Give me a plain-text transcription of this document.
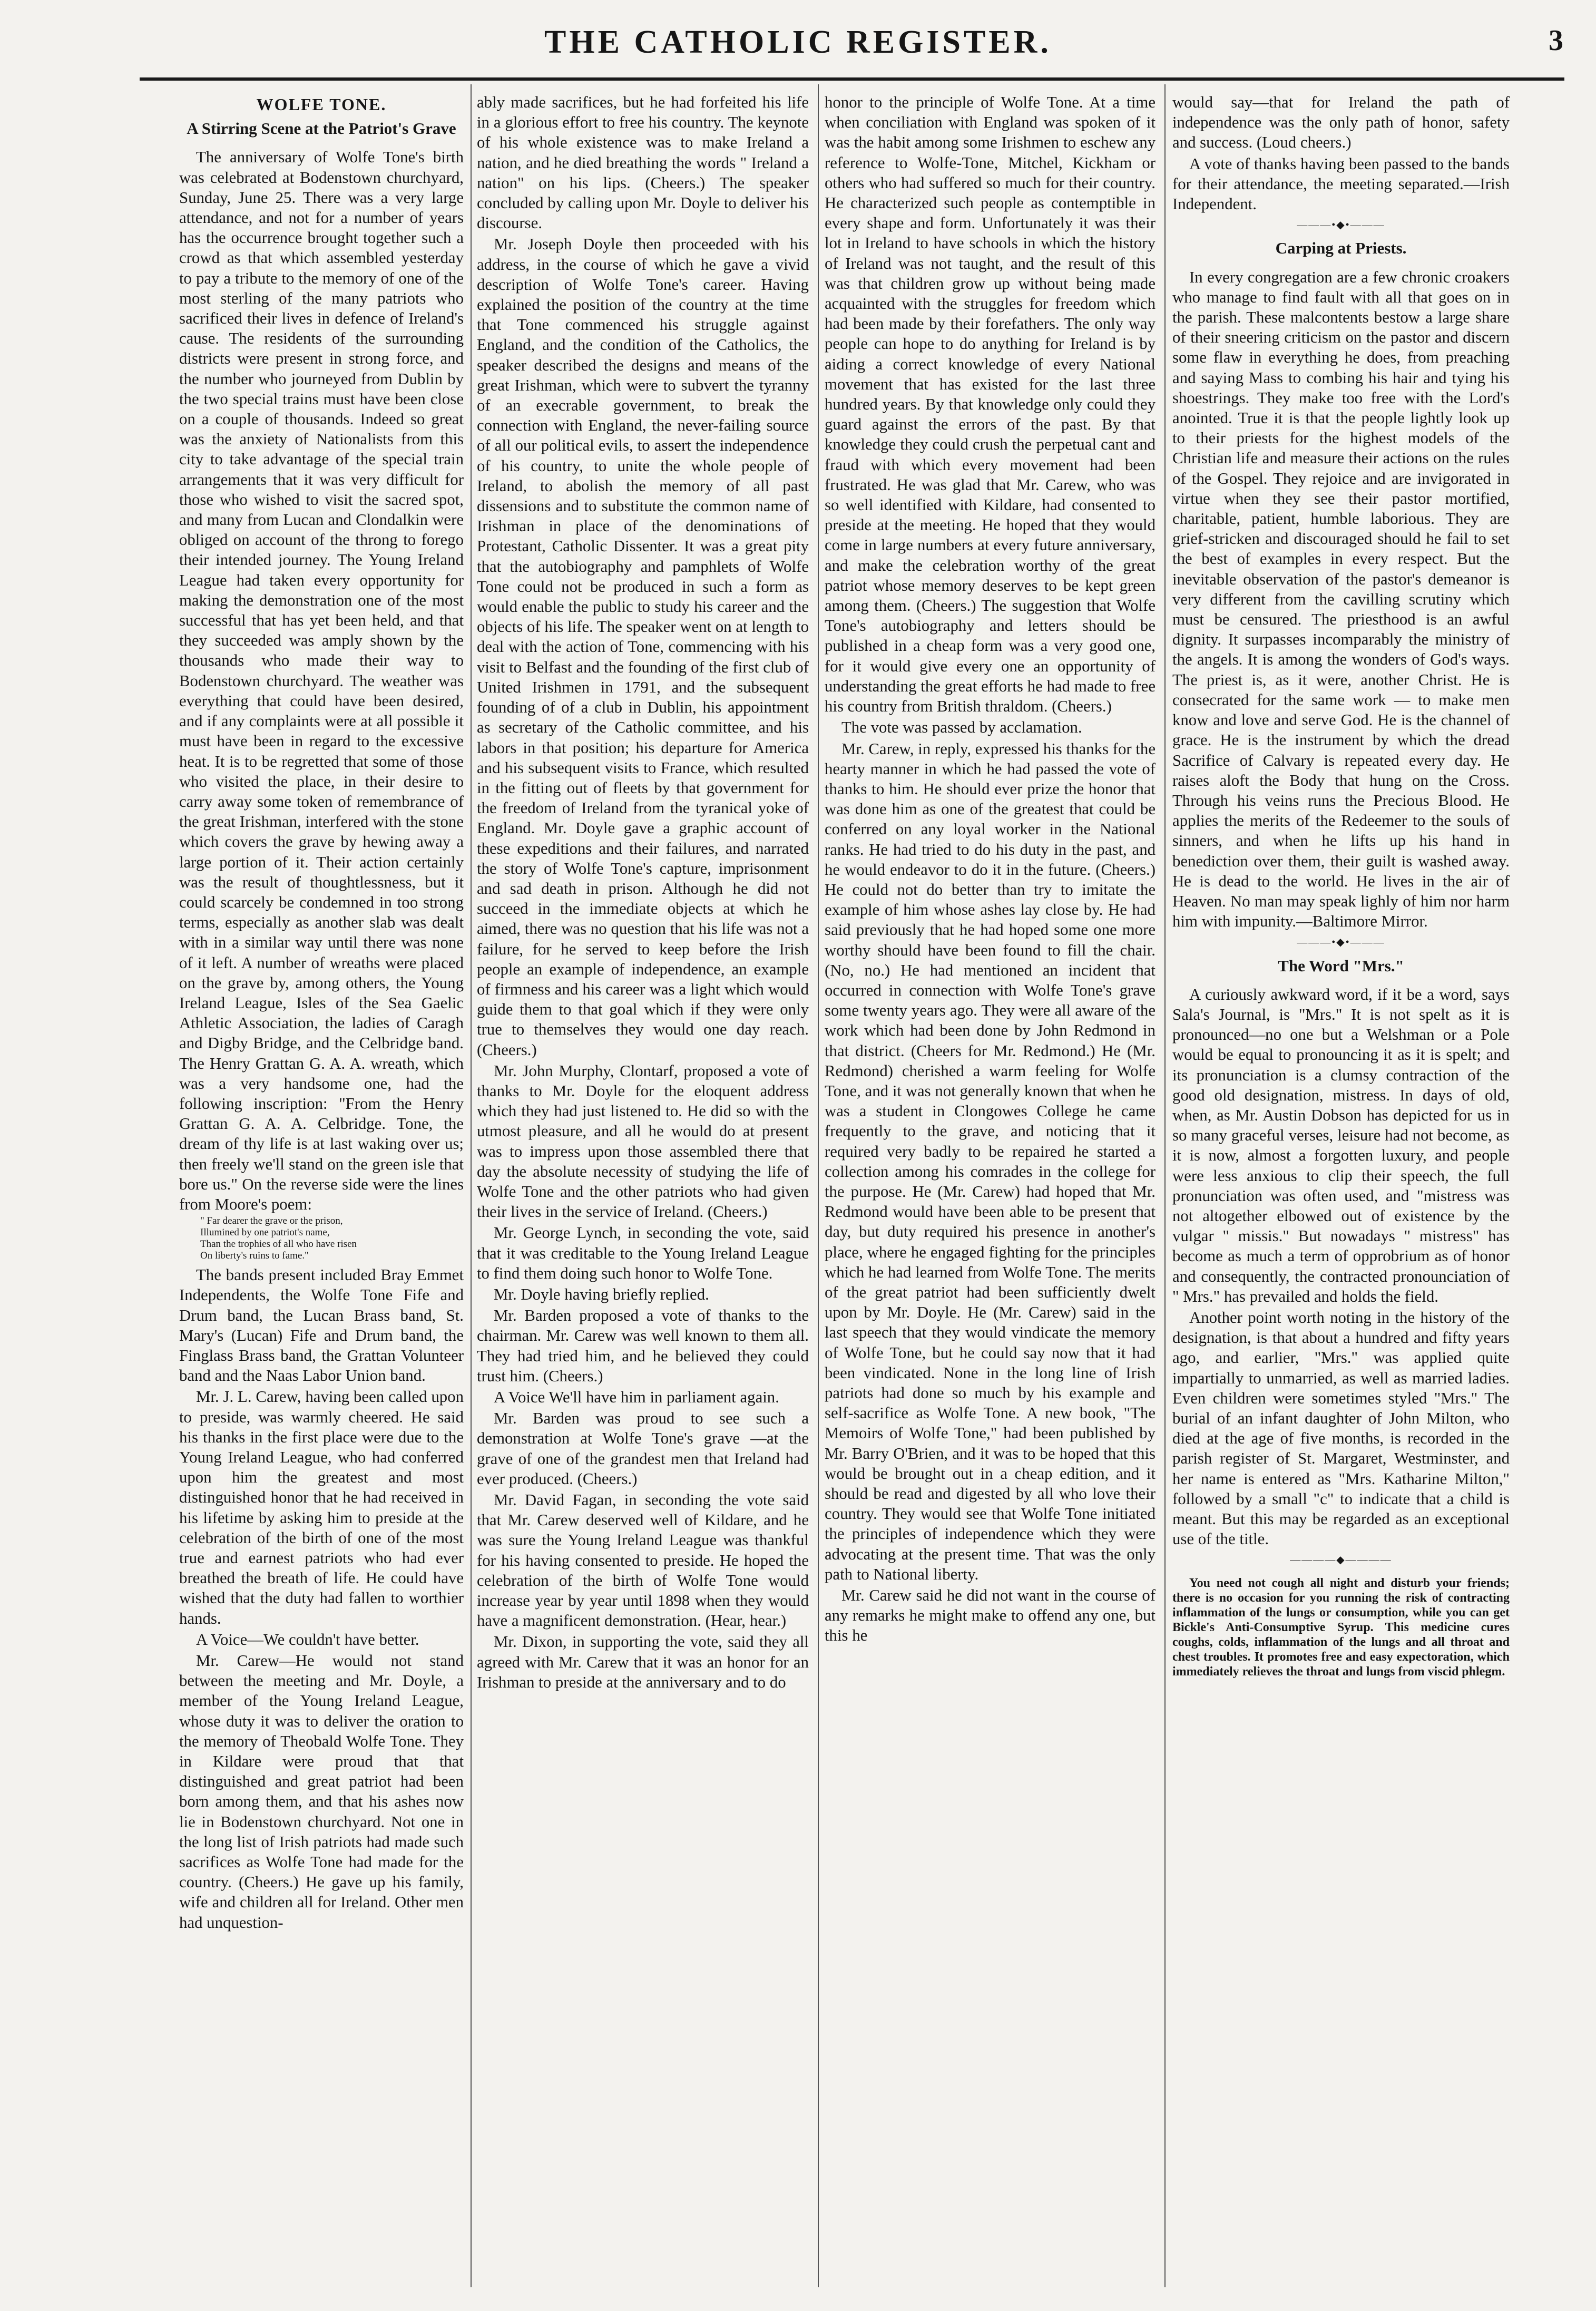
THE CATHOLIC REGISTER.	3
WOLFE TONE.
A Stirring Scene at the Patriot's Grave

The anniversary of Wolfe Tone's birth was celebrated at Bodenstown churchyard, Sunday, June 25. There was a very large attendance, and not for a number of years has the occurrence brought together such a crowd as that which assembled yesterday to pay a tribute to the memory of one of the most sterling of the many patriots who sacrificed their lives in defence of Ireland's cause. The residents of the surrounding districts were present in strong force, and the number who journeyed from Dublin by the two special trains must have been close on a couple of thousands. Indeed so great was the anxiety of Nationalists from this city to take advantage of the special train arrangements that it was very difficult for those who wished to visit the sacred spot, and many from Lucan and Clondalkin were obliged on account of the throng to forego their intended journey. The Young Ireland League had taken every opportunity for making the demonstration one of the most successful that has yet been held, and that they succeeded was amply shown by the thousands who made their way to Bodenstown churchyard. The weather was everything that could have been desired, and if any complaints were at all possible it must have been in regard to the excessive heat. It is to be regretted that some of those who visited the place, in their desire to carry away some token of remembrance of the great Irishman, interfered with the stone which covers the grave by hewing away a large portion of it. Their action certainly was the result of thoughtlessness, but it could scarcely be condemned in too strong terms, especially as another slab was dealt with in a similar way until there was none of it left. A number of wreaths were placed on the grave by, among others, the Young Ireland League, Isles of the Sea Gaelic Athletic Association, the ladies of Caragh and Digby Bridge, and the Celbridge band. The Henry Grattan G. A. A. wreath, which was a very handsome one, had the following inscription: "From the Henry Grattan G. A. A. Celbridge. Tone, the dream of thy life is at last waking over us; then freely we'll stand on the green isle that bore us." On the reverse side were the lines from Moore's poem:

" Far dearer the grave or the prison,
Illumined by one patriot's name,
Than the trophies of all who have risen
On liberty's ruins to fame."

The bands present included Bray Emmet Independents, the Wolfe Tone Fife and Drum band, the Lucan Brass band, St. Mary's (Lucan) Fife and Drum band, the Finglass Brass band, the Grattan Volunteer band and the Naas Labor Union band.

Mr. J. L. Carew, having been called upon to preside, was warmly cheered. He said his thanks in the first place were due to the Young Ireland League, who had conferred upon him the greatest and most distinguished honor that he had received in his lifetime by asking him to preside at the celebration of the birth of one of the most true and earnest patriots who had ever breathed the breath of life. He could have wished that the duty had fallen to worthier hands.

A Voice—We couldn't have better.

Mr. Carew—He would not stand between the meeting and Mr. Doyle, a member of the Young Ireland League, whose duty it was to deliver the oration to the memory of Theobald Wolfe Tone. They in Kildare were proud that that distinguished and great patriot had been born among them, and that his ashes now lie in Bodenstown churchyard. Not one in the long list of Irish patriots had made such sacrifices as Wolfe Tone had made for the country. (Cheers.) He gave up his family, wife and children all for Ireland. Other men had unquestion-

ably made sacrifices, but he had forfeited his life in a glorious effort to free his country. The keynote of his whole existence was to make Ireland a nation, and he died breathing the words " Ireland a nation" on his lips. (Cheers.) The speaker concluded by calling upon Mr. Doyle to deliver his discourse.

Mr. Joseph Doyle then proceeded with his address, in the course of which he gave a vivid description of Wolfe Tone's career. Having explained the position of the country at the time that Tone commenced his struggle against England, and the condition of the Catholics, the speaker described the designs and means of the great Irishman, which were to subvert the tyranny of an execrable government, to break the connection with England, the never-failing source of all our political evils, to assert the independence of his country, to unite the whole people of Ireland, to abolish the memory of all past dissensions and to substitute the common name of Irishman in place of the denominations of Protestant, Catholic Dissenter. It was a great pity that the autobiography and pamphlets of Wolfe Tone could not be produced in such a form as would enable the public to study his career and the objects of his life. The speaker went on at length to deal with the action of Tone, commencing with his visit to Belfast and the founding of the first club of United Irishmen in 1791, and the subsequent founding of of a club in Dublin, his appointment as secretary of the Catholic committee, and his labors in that position; his departure for America and his subsequent visits to France, which resulted in the fitting out of fleets by that government for the freedom of Ireland from the tyranical yoke of England. Mr. Doyle gave a graphic account of these expeditions and their failures, and narrated the story of Wolfe Tone's capture, imprisonment and sad death in prison. Although he did not succeed in the immediate objects at which he aimed, there was no question that his life was not a failure, for he served to keep before the Irish people an example of independence, an example of firmness and his career was a light which would guide them to that goal which if they were only true to themselves they would one day reach. (Cheers.)

Mr. John Murphy, Clontarf, proposed a vote of thanks to Mr. Doyle for the eloquent address which they had just listened to. He did so with the utmost pleasure, and all he would do at present was to impress upon those assembled there that day the absolute necessity of studying the life of Wolfe Tone and the other patriots who had given their lives in the service of Ireland. (Cheers.)

Mr. George Lynch, in seconding the vote, said that it was creditable to the Young Ireland League to find them doing such honor to Wolfe Tone.

Mr. Doyle having briefly replied.

Mr. Barden proposed a vote of thanks to the chairman. Mr. Carew was well known to them all. They had tried him, and he believed they could trust him. (Cheers.)

A Voice We'll have him in parliament again.

Mr. Barden was proud to see such a demonstration at Wolfe Tone's grave —at the grave of one of the grandest men that Ireland had ever produced. (Cheers.)

Mr. David Fagan, in seconding the vote said that Mr. Carew deserved well of Kildare, and he was sure the Young Ireland League was thankful for his having consented to preside. He hoped the celebration of the birth of Wolfe Tone would increase year by year until 1898 when they would have a magnificent demonstration. (Hear, hear.)

Mr. Dixon, in supporting the vote, said they all agreed with Mr. Carew that it was an honor for an Irishman to preside at the anniversary and to do

honor to the principle of Wolfe Tone. At a time when conciliation with England was spoken of it was the habit among some Irishmen to eschew any reference to Wolfe-Tone, Mitchel, Kickham or others who had suffered so much for their country. He characterized such people as contemptible in every shape and form. Unfortunately it was their lot in Ireland to have schools in which the history of Ireland was not taught, and the result of this was that children grow up without being made acquainted with the struggles for freedom which had been made by their forefathers. The only way people can hope to do anything for Ireland is by aiding a correct knowledge of every National movement that has existed for the last three hundred years. By that knowledge only could they guard against the errors of the past. By that knowledge they could crush the perpetual cant and fraud with which every movement had been frustrated. He was glad that Mr. Carew, who was so well identified with Kildare, had consented to preside at the meeting. He hoped that they would come in large numbers at every future anniversary, and make the celebration worthy of the great patriot whose memory deserves to be kept green among them. (Cheers.) The suggestion that Wolfe Tone's autobiography and letters should be published in a cheap form was a very good one, for it would give every one an opportunity of understanding the great efforts he had made to free his country from British thraldom. (Cheers.)

The vote was passed by acclamation.

Mr. Carew, in reply, expressed his thanks for the hearty manner in which he had passed the vote of thanks to him. He should ever prize the honor that was done him as one of the greatest that could be conferred on any loyal worker in the National ranks. He had tried to do his duty in the past, and he would endeavor to do it in the future. (Cheers.) He could not do better than try to imitate the example of him whose ashes lay close by. He had said previously that he had hoped some one more worthy should have been found to fill the chair. (No, no.) He had mentioned an incident that occurred in connection with Wolfe Tone's grave some twenty years ago. They were all aware of the work which had been done by John Redmond in that district. (Cheers for Mr. Redmond.) He (Mr. Redmond) cherished a warm feeling for Wolfe Tone, and it was not generally known that when he was a student in Clongowes College he came frequently to the grave, and noticing that it required very badly to be repaired he started a collection among his comrades in the college for the purpose. He (Mr. Carew) had hoped that Mr. Redmond would have been able to be present that day, but duty required his presence in another's place, where he engaged fighting for the principles which he had learned from Wolfe Tone. The merits of the great patriot had been sufficiently dwelt upon by Mr. Doyle. He (Mr. Carew) said in the last speech that they would vindicate the memory of Wolfe Tone, but he could say now that it had been vindicated. None in the long line of Irish patriots had done so much by his example and self-sacrifice as Wolfe Tone. A new book, "The Memoirs of Wolfe Tone," had been published by Mr. Barry O'Brien, and it was to be hoped that this would be brought out in a cheap edition, and it should be read and digested by all who love their country. They would see that Wolfe Tone initiated the principles of independence which they were advocating at the present time. That was the only path to National liberty.

Mr. Carew said he did not want in the course of any remarks he might make to offend any one, but this he

would say—that for Ireland the path of independence was the only path of honor, safety and success. (Loud cheers.)

A vote of thanks having been passed to the bands for their attendance, the meeting separated.—Irish Independent.

———•◆•———
Carping at Priests.

In every congregation are a few chronic croakers who manage to find fault with all that goes on in the parish. These malcontents bestow a large share of their sneering criticism on the pastor and discern some flaw in everything he does, from preaching and saying Mass to combing his hair and tying his shoestrings. They make too free with the Lord's anointed. True it is that the people lightly look up to their priests for the highest models of the Christian life and measure their actions on the rules of the Gospel. They rejoice and are invigorated in virtue when they see their pastor mortified, charitable, patient, humble laborious. They are grief-stricken and discouraged should he fail to set the best of examples in every respect. But the inevitable observation of the pastor's demeanor is very different from the cavilling scrutiny which must be censured. The priesthood is an awful dignity. It surpasses incomparably the ministry of the angels. It is among the wonders of God's ways. The priest is, as it were, another Christ. He is consecrated for the same work — to make men know and love and serve God. He is the channel of grace. He is the instrument by which the dread Sacrifice of Calvary is repeated every day. He raises aloft the Body that hung on the Cross. Through his veins runs the Precious Blood. He applies the merits of the Redeemer to the souls of sinners, and when he lifts up his hand in benediction over them, their guilt is washed away. He is dead to the world. He lives in the air of Heaven. No man may speak lighly of him nor harm him with impunity.—Baltimore Mirror.

———•◆•———
The Word "Mrs."

A curiously awkward word, if it be a word, says Sala's Journal, is "Mrs." It is not spelt as it is pronounced—no one but a Welshman or a Pole would be equal to pronouncing it as it is spelt; and its pronunciation is a clumsy contraction of the good old designation, mistress. In days of old, when, as Mr. Austin Dobson has depicted for us in so many graceful verses, leisure had not become, as it is now, almost a forgotten luxury, and people were less anxious to clip their speech, the full pronunciation was often used, and "mistress was not altogether elbowed out of existence by the vulgar " missis." But nowadays " mistress" has become as much a term of opprobrium as of honor and consequently, the contracted pronounciation of " Mrs." has prevailed and holds the field.

Another point worth noting in the history of the designation, is that about a hundred and fifty years ago, and earlier, "Mrs." was applied quite impartially to unmarried, as well as married ladies. Even children were sometimes styled "Mrs." The burial of an infant daughter of John Milton, who died at the age of five months, is recorded in the parish register of St. Margaret, Westminster, and her name is entered as "Mrs. Katharine Milton," followed by a small "c" to indicate that a child is meant. But this may be regarded as an exceptional use of the title.

————◆————

You need not cough all night and disturb your friends; there is no occasion for you running the risk of contracting inflammation of the lungs or consumption, while you can get Bickle's Anti-Consumptive Syrup. This medicine cures coughs, colds, inflammation of the lungs and all throat and chest troubles. It promotes free and easy expectoration, which immediately relieves the throat and lungs from viscid phlegm.
